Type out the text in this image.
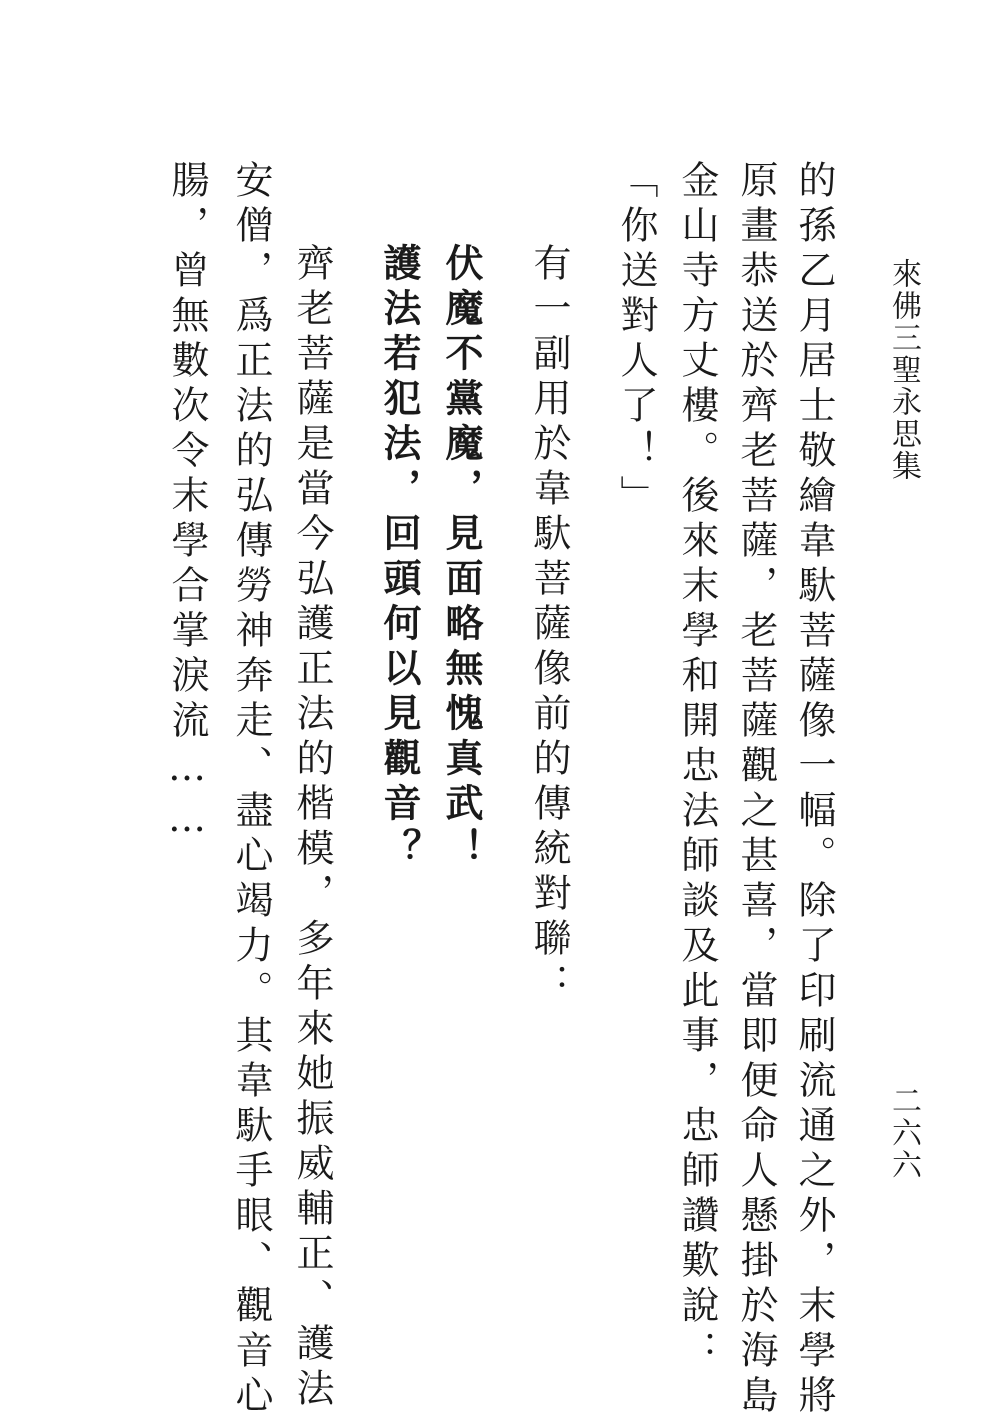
來佛三聖永思集
二六六
的孫乙月居士敬繪韋馱菩薩像一幅。除了印刷流通之外，末學將
原畫恭送於齊老菩薩，老菩薩觀之甚喜，當即便命人懸掛於海島
金山寺方丈樓。後來末學和開忠法師談及此事，忠師讚歎說：
「你送對人了！」
有一副用於韋馱菩薩像前的傳統對聯：
伏魔不黨魔，見面略無愧真武！
護法若犯法，回頭何以見觀音？
齊老菩薩是當今弘護正法的楷模，多年來她振威輔正、護法
安僧，爲正法的弘傳勞神奔走、盡心竭力。其韋馱手眼、觀音心
腸，曾無數次令末學合掌淚流……
